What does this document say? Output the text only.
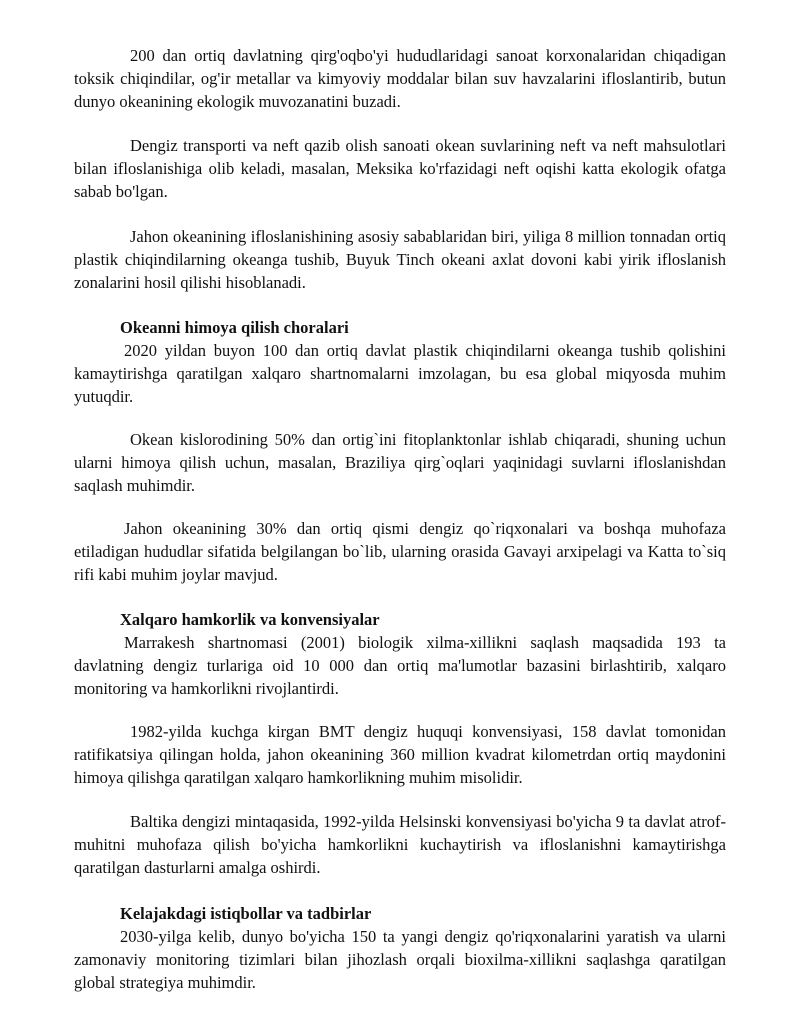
200 dan ortiq davlatning qirg'oqbo'yi hududlaridagi sanoat korxonalaridan chiqadigan toksik chiqindilar, og'ir metallar va kimyoviy moddalar bilan suv havzalarini ifloslantirib, butun dunyo okeanining ekologik muvozanatini buzadi.

Dengiz transporti va neft qazib olish sanoati okean suvlarining neft va neft mahsulotlari bilan ifloslanishiga olib keladi, masalan, Meksika ko'rfazidagi neft oqishi katta ekologik ofatga sabab bo'lgan.

Jahon okeanining ifloslanishining asosiy sabablaridan biri, yiliga 8 million tonnadan ortiq plastik chiqindilarning okeanga tushib, Buyuk Tinch okeani axlat dovoni kabi yirik ifloslanish zonalarini hosil qilishi hisoblanadi.

Okeanni himoya qilish choralari

2020 yildan buyon 100 dan ortiq davlat plastik chiqindilarni okeanga tushib qolishini kamaytirishga qaratilgan xalqaro shartnomalarni imzolagan, bu esa global miqyosda muhim yutuqdir.

Okean kislorodining 50% dan ortig`ini fitoplanktonlar ishlab chiqaradi, shuning uchun ularni himoya qilish uchun, masalan, Braziliya qirg`oqlari yaqinidagi suvlarni ifloslanishdan saqlash muhimdir.

Jahon okeanining 30% dan ortiq qismi dengiz qo`riqxonalari va boshqa muhofaza etiladigan hududlar sifatida belgilangan bo`lib, ularning orasida Gavayi arxipelagi va Katta to`siq rifi kabi muhim joylar mavjud.

Xalqaro hamkorlik va konvensiyalar

Marrakesh shartnomasi (2001) biologik xilma-xillikni saqlash maqsadida 193 ta davlatning dengiz turlariga oid 10 000 dan ortiq ma'lumotlar bazasini birlashtirib, xalqaro monitoring va hamkorlikni rivojlantirdi.

1982-yilda kuchga kirgan BMT dengiz huquqi konvensiyasi, 158 davlat tomonidan ratifikatsiya qilingan holda, jahon okeanining 360 million kvadrat kilometrdan ortiq maydonini himoya qilishga qaratilgan xalqaro hamkorlikning muhim misolidir.

Baltika dengizi mintaqasida, 1992-yilda Helsinski konvensiyasi bo'yicha 9 ta davlat atrof-muhitni muhofaza qilish bo'yicha hamkorlikni kuchaytirish va ifloslanishni kamaytirishga qaratilgan dasturlarni amalga oshirdi.

Kelajakdagi istiqbollar va tadbirlar

2030-yilga kelib, dunyo bo'yicha 150 ta yangi dengiz qo'riqxonalarini yaratish va ularni zamonaviy monitoring tizimlari bilan jihozlash orqali bioxilma-xillikni saqlashga qaratilgan global strategiya muhimdir.
